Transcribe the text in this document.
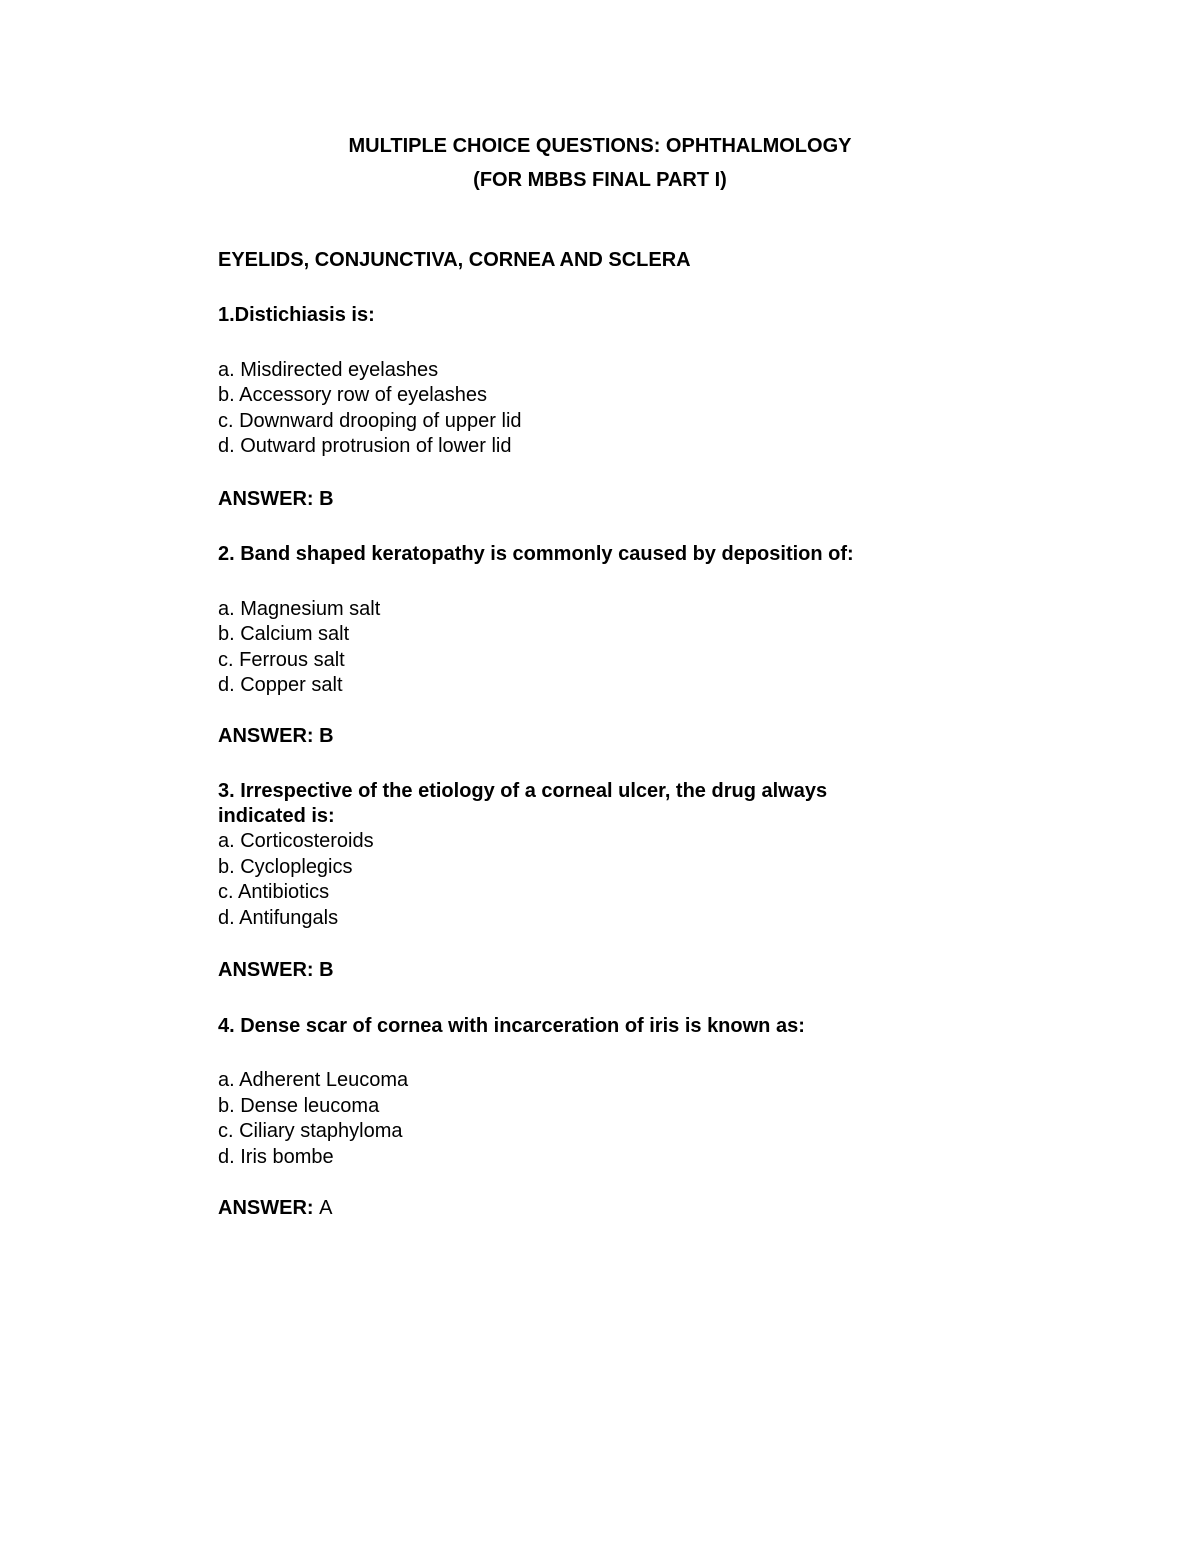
MULTIPLE CHOICE QUESTIONS: OPHTHALMOLOGY
(FOR MBBS FINAL PART I)
EYELIDS, CONJUNCTIVA, CORNEA AND SCLERA
1.Distichiasis is:
a. Misdirected eyelashes
b. Accessory row of eyelashes
c. Downward drooping of upper lid
d. Outward protrusion of lower lid
ANSWER: B
2. Band shaped keratopathy is commonly caused by deposition of:
a. Magnesium salt
b. Calcium salt
c. Ferrous salt
d. Copper salt
ANSWER: B
3. Irrespective of the etiology of a corneal ulcer, the drug always
indicated is:
a. Corticosteroids
b. Cycloplegics
c. Antibiotics
d. Antifungals
ANSWER: B
4. Dense scar of cornea with incarceration of iris is known as:
a. Adherent Leucoma
b. Dense leucoma
c. Ciliary staphyloma
d. Iris bombe
ANSWER: A
